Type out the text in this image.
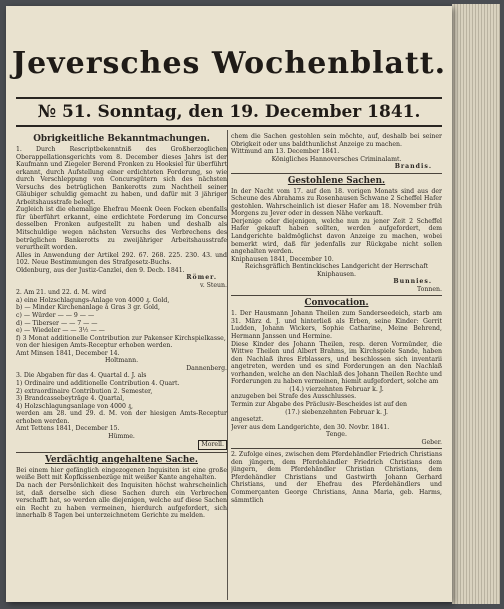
Jeversches Wochenblatt.
№ 51. Sonntag, den 19. December 1841.
Obrigkeitliche Bekanntmachungen.

1. Durch Rescriptbekenntniß des Großherzoglichen Oberappellationsgerichts vom 8. December dieses Jahrs ist der Kaufmann und Ziegeler Berend Fronken zu Hooksiel für überführt erkannt, durch Aufstellung einer erdichteten Forderung, so wie durch Verschleppung von Concursgütern sich des nächsten Versuchs des betrüglichen Bankerotts zum Nachtheil seiner Gläubiger schuldig gemacht zu haben, und dafür mit 3 jähriger Arbeitshausstrafe belegt.

Zugleich ist die ehemalige Ehefrau Meenk Oeen Focken ebenfalls für überführt erkannt, eine erdichtete Forderung im Concurse desselben Fronken aufgestellt zu haben und deshalb als Mitschuldige wegen nächsten Versuchs des Verbrechens des betrüglichen Bankerotts zu zweijähriger Arbeitshausstrafe verurtheilt worden.

Alles in Anwendung der Artikel 292. 67. 268. 225. 230. 43. und 102. Neue Bestimmungen des Strafgesetz-Buchs.

Oldenburg, aus der Justiz-Canzlei, den 9. Decb. 1841.

Römer.
v. Steun.

2. Am 21. und 22. d. M. wird

a) eine Holzschlagungs-Anlage von 4000 ₰. Gold,

b) — Minder Kirchenanlage à Gras 3 gr. Gold,

c) — Würder — — 9 — —

d) — Tiberser — — 7 — —

e) — Wiedeler — — 3½ — —

f) 3 Monat additionelle Contribution zur Pakenser Kirchspielkasse,

von der hiesigen Amts-Receptur erhoben werden.

Amt Minsen 1841, December 14.

Holtmann.
Dannenberg.

3. Die Abgaben für das 4. Quartal d. J. als

1) Ordinaire und additionelle Contribution 4. Quart.

2) extraordinaire Contribution 2. Semester,

3) Brandcassebeyträge 4. Quartal,

4) Holzschlagungsanlage von 4000 ₰,

werden am 28. und 29. d. M. von der hiesigen Amts-Receptur erhoben werden.

Amt Tettens 1841, December 15.

Hümme.
Morell.
Verdächtig angehaltene Sache.

Bei einem hier gefänglich eingezogenen Inquisiten ist eine große weiße Bett mit Kopfkissenbezüge mit weißer Kante angehalten.

Da nach der Persönlichkeit des Inquisiten höchst wahrscheinlich ist, daß derselbe sich diese Sachen durch ein Verbrechen verschafft hat, so werden alle diejenigen, welche auf diese Sachen ein Recht zu haben vermeinen, hierdurch aufgefordert, sich innerhalb 8 Tagen bei unterzeichnetem Gerichte zu melden.

chem die Sachen gestohlen sein möchte, auf, deshalb bei seiner Obrigkeit oder uns baldthunlichst Anzeige zu machen.

Wittmund am 13. December 1841.

Königliches Hannoversches Criminalamt.
Brandis.
Gestohlene Sachen.

In der Nacht vom 17. auf den 18. vorigen Monats sind aus der Scheune des Abrahams zu Rosenhausen Schwane 2 Scheffel Hafer gestohlen. Wahrscheinlich ist dieser Hafer am 18. November früh Morgens zu Jever oder in dessen Nähe verkauft.

Derjenige oder diejenigen, welche nun zu jener Zeit 2 Scheffel Hafer gekauft haben sollten, werden aufgefordert, dem Landgerichte baldmöglichst davon Anzeige zu machen, wobei bemerkt wird, daß für jedenfalls zur Rückgabe nicht sollen angehalten werden.

Kniphausen 1841, December 10.

Reichsgräflich Bentinckisches Landgericht der Herrschaft Kniphausen.
Bunnies.
Tonnen.
Convocation.

1. Der Hausmann Johann Theilen zum Sanderseedeich, starb am 31. März d. J. und hinterließ als Erben, seine Kinder: Gerrit Ludden, Johann Wickers, Sophie Catharine, Meine Behrend, Hermann Janssen und Hermine.

Diese Kinder des Johann Theilen, resp. deren Vormünder, die Wittwe Theilen und Albert Brahms, im Kirchspiele Sande, haben den Nachlaß ihres Erblassers, und beschlossen sich inventarii angetreten, werden und es sind Forderungen an den Nachlaß vorhanden, welche an den Nachlaß des Johann Theilen Rechte und Forderungen zu haben vermeinen, hiemit aufgefordert, solche am

(14.) vierzehnten Februar k. J.

anzugeben bei Strafe des Ausschlusses.

Termin zur Abgabe des Präclusiv-Bescheides ist auf den

(17.) siebenzehnten Februar k. J.

angesetzt.

Jever aus dem Landgerichte, den 30. Novbr. 1841.

Tenge.
Geber.

2. Zufolge eines, zwischen dem Pferdehändler Friedrich Christians den jüngern, dem Pferdehändler Friedrich Christians dem jüngern, dem Pferdehändler Christian Christians, dem Pferdehändler Christians und Gastwirth Johann Gerhard Christians, und der Ehefrau des Pferdehändlers und Commerçanten George Christians, Anna Maria, geb. Harms, sämmtlich
